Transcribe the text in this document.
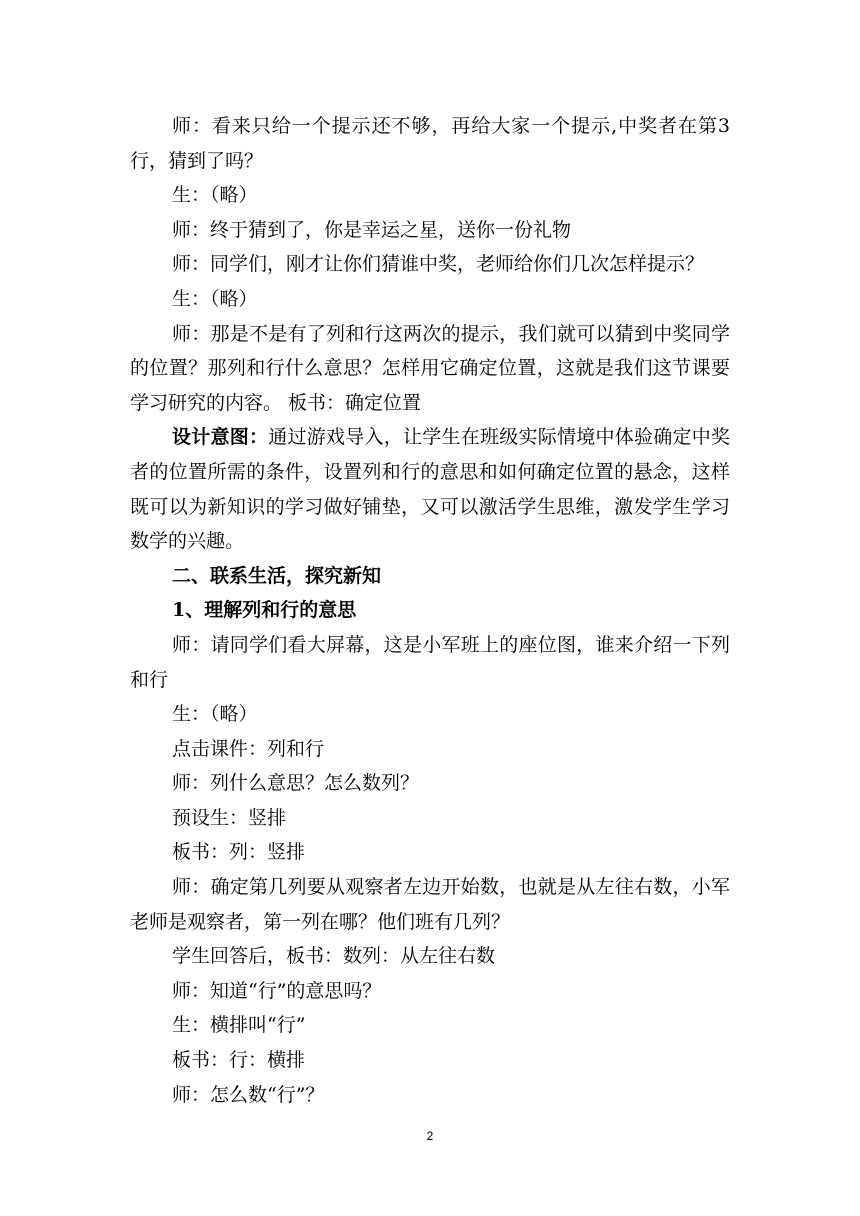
师：看来只给一个提示还不够，再给大家一个提示,中奖者在第3行，猜到了吗？

生：（略）

师：终于猜到了，你是幸运之星，送你一份礼物

师：同学们，刚才让你们猜谁中奖，老师给你们几次怎样提示？

生：（略）

师：那是不是有了列和行这两次的提示，我们就可以猜到中奖同学的位置？那列和行什么意思？怎样用它确定位置，这就是我们这节课要学习研究的内容。 板书：确定位置

设计意图：通过游戏导入，让学生在班级实际情境中体验确定中奖者的位置所需的条件，设置列和行的意思和如何确定位置的悬念，这样既可以为新知识的学习做好铺垫，又可以激活学生思维，激发学生学习数学的兴趣。

二、联系生活，探究新知

1、理解列和行的意思

师：请同学们看大屏幕，这是小军班上的座位图，谁来介绍一下列和行

生：（略）

点击课件：列和行

师：列什么意思？怎么数列？

预设生：竖排

板书：列：竖排

师：确定第几列要从观察者左边开始数，也就是从左往右数，小军老师是观察者，第一列在哪？他们班有几列？

学生回答后，板书：数列：从左往右数

师：知道“行”的意思吗？

生：横排叫“行”

板书：行：横排

师：怎么数“行”？

2
